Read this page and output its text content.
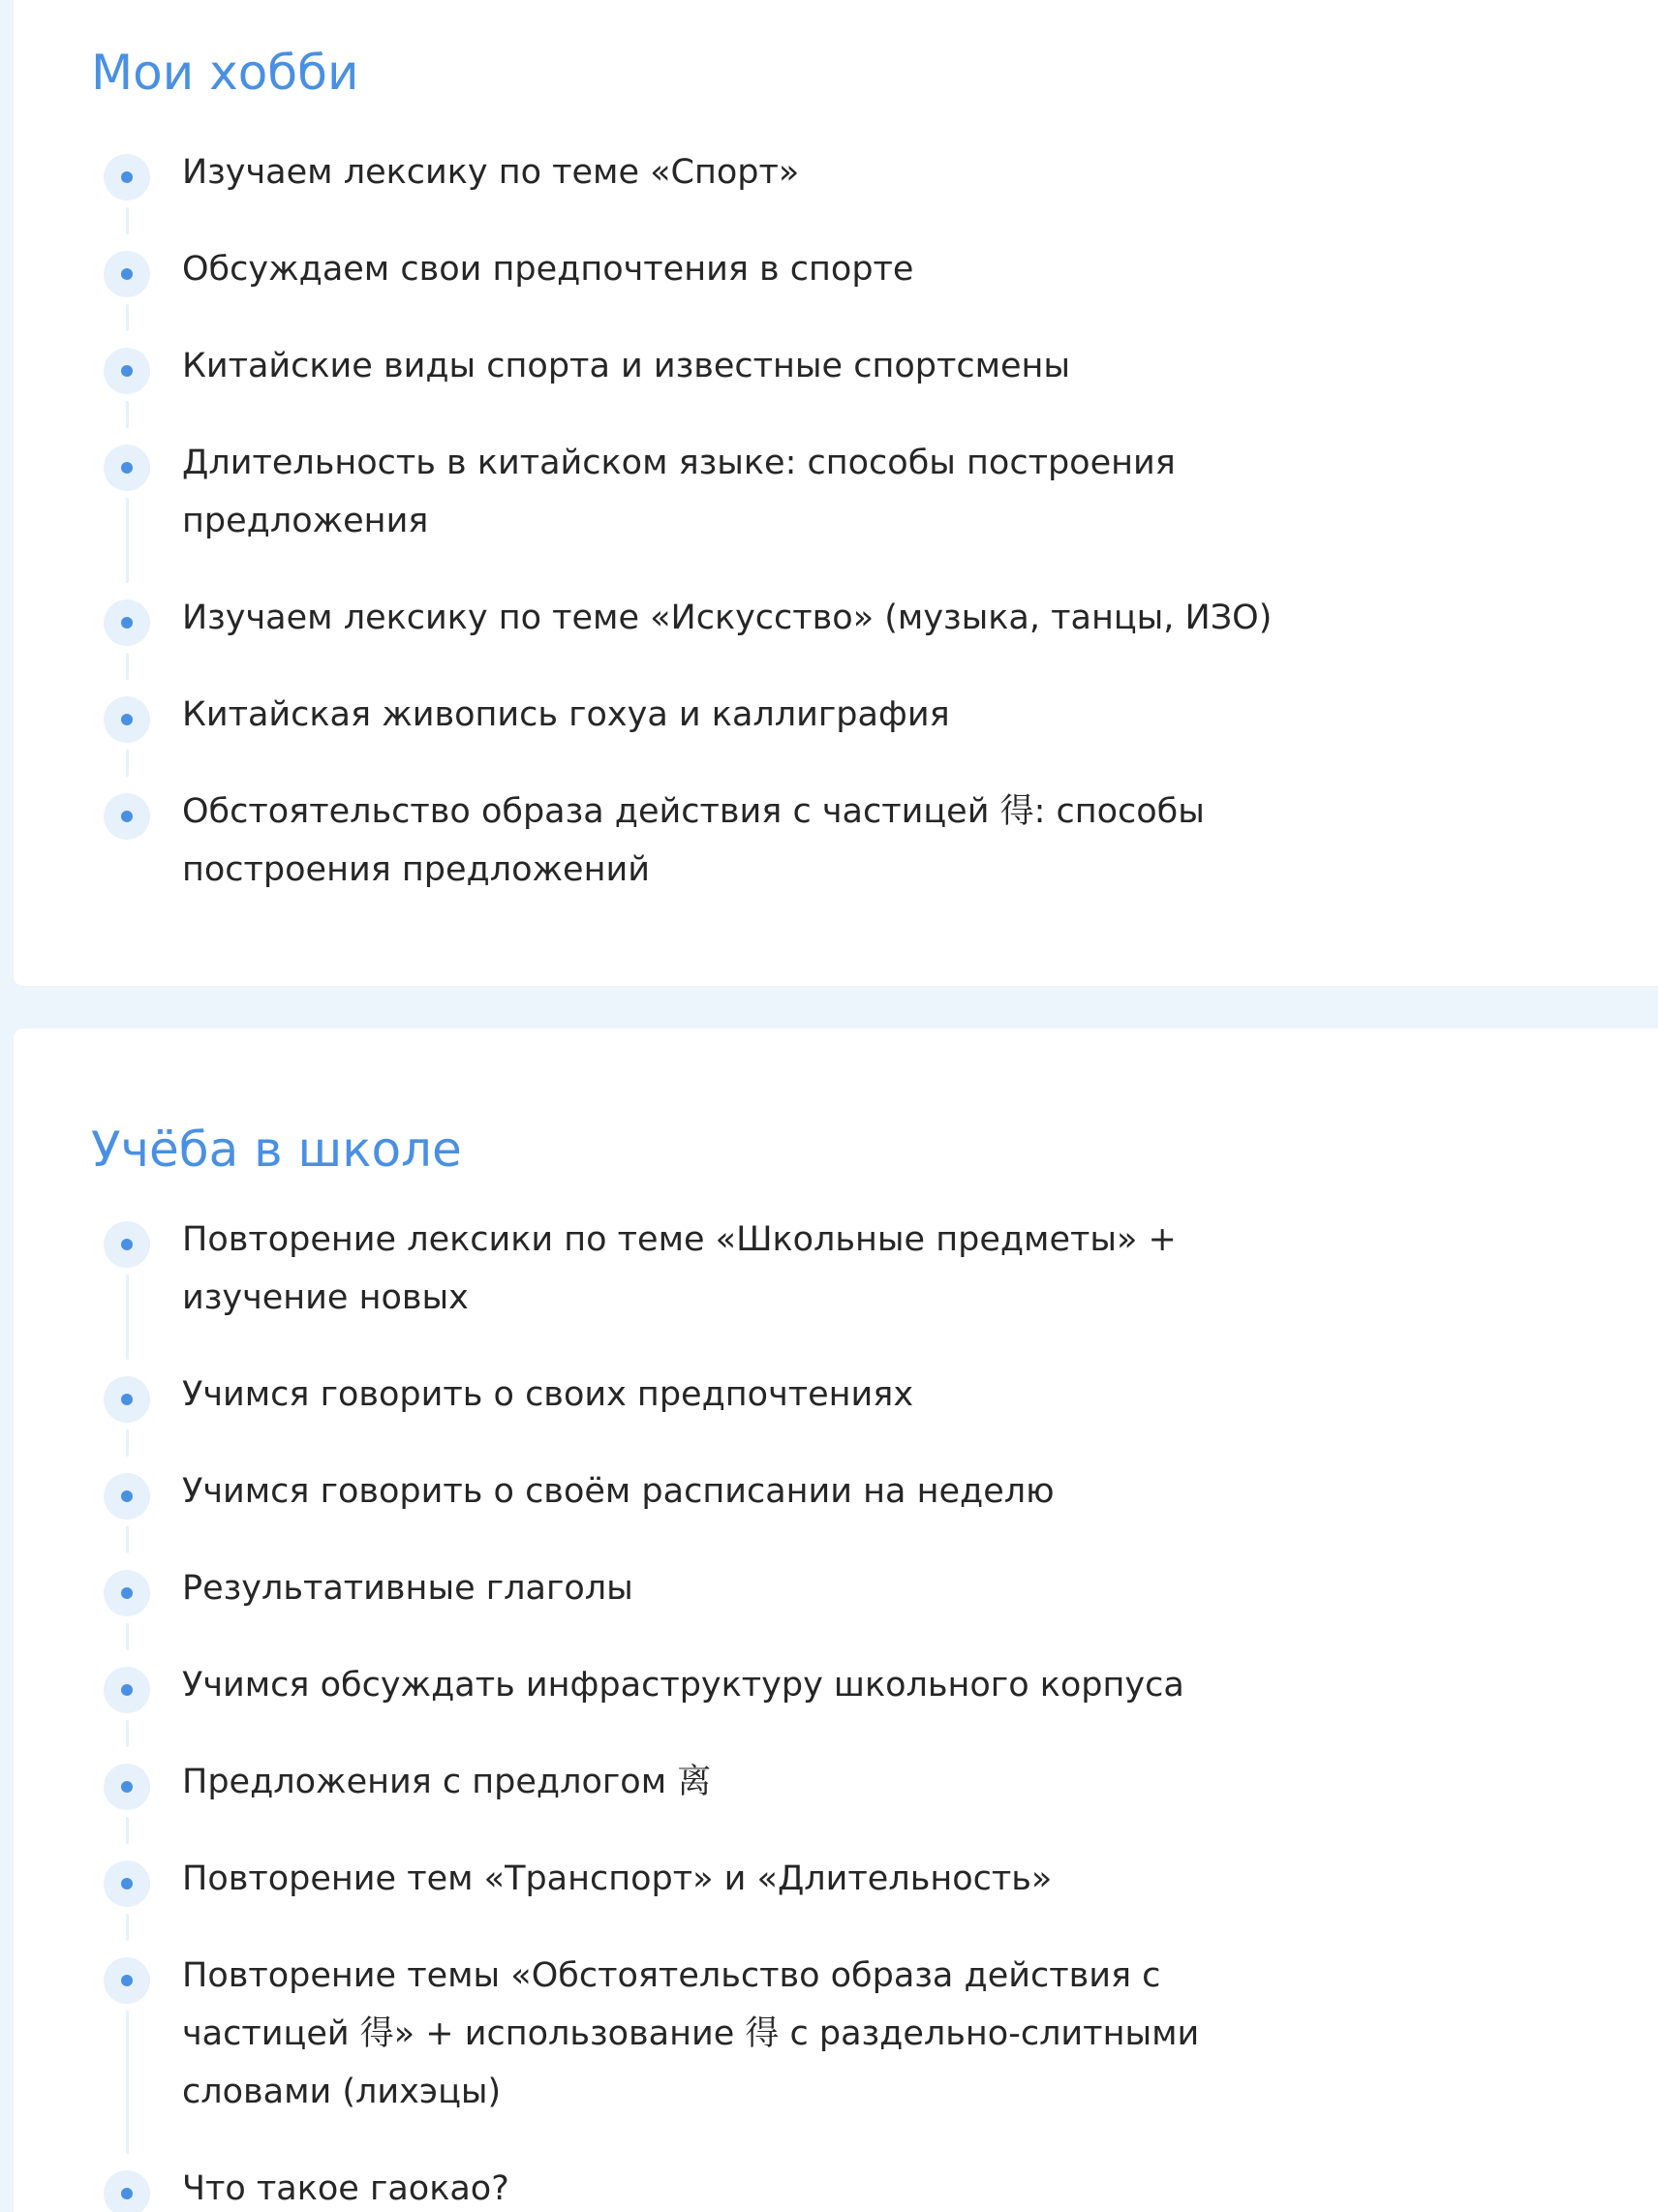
Мои хобби
Изучаем лексику по теме «Спорт»
Обсуждаем свои предпочтения в спорте
Китайские виды спорта и известные спортсмены
Длительность в китайском языке: способы построения предложения
Изучаем лексику по теме «Искусство» (музыка, танцы, ИЗО)
Китайская живопись гохуа и каллиграфия
Обстоятельство образа действия с частицей 得: способы построения предложений
Учёба в школе
Повторение лексики по теме «Школьные предметы» + изучение новых
Учимся говорить о своих предпочтениях
Учимся говорить о своём расписании на неделю
Результативные глаголы
Учимся обсуждать инфраструктуру школьного корпуса
Предложения с предлогом 离
Повторение тем «Транспорт» и «Длительность»
Повторение темы «Обстоятельство образа действия с частицей 得» + использование 得 с раздельно-слитными словами (лихэцы)
Что такое гаокао?
